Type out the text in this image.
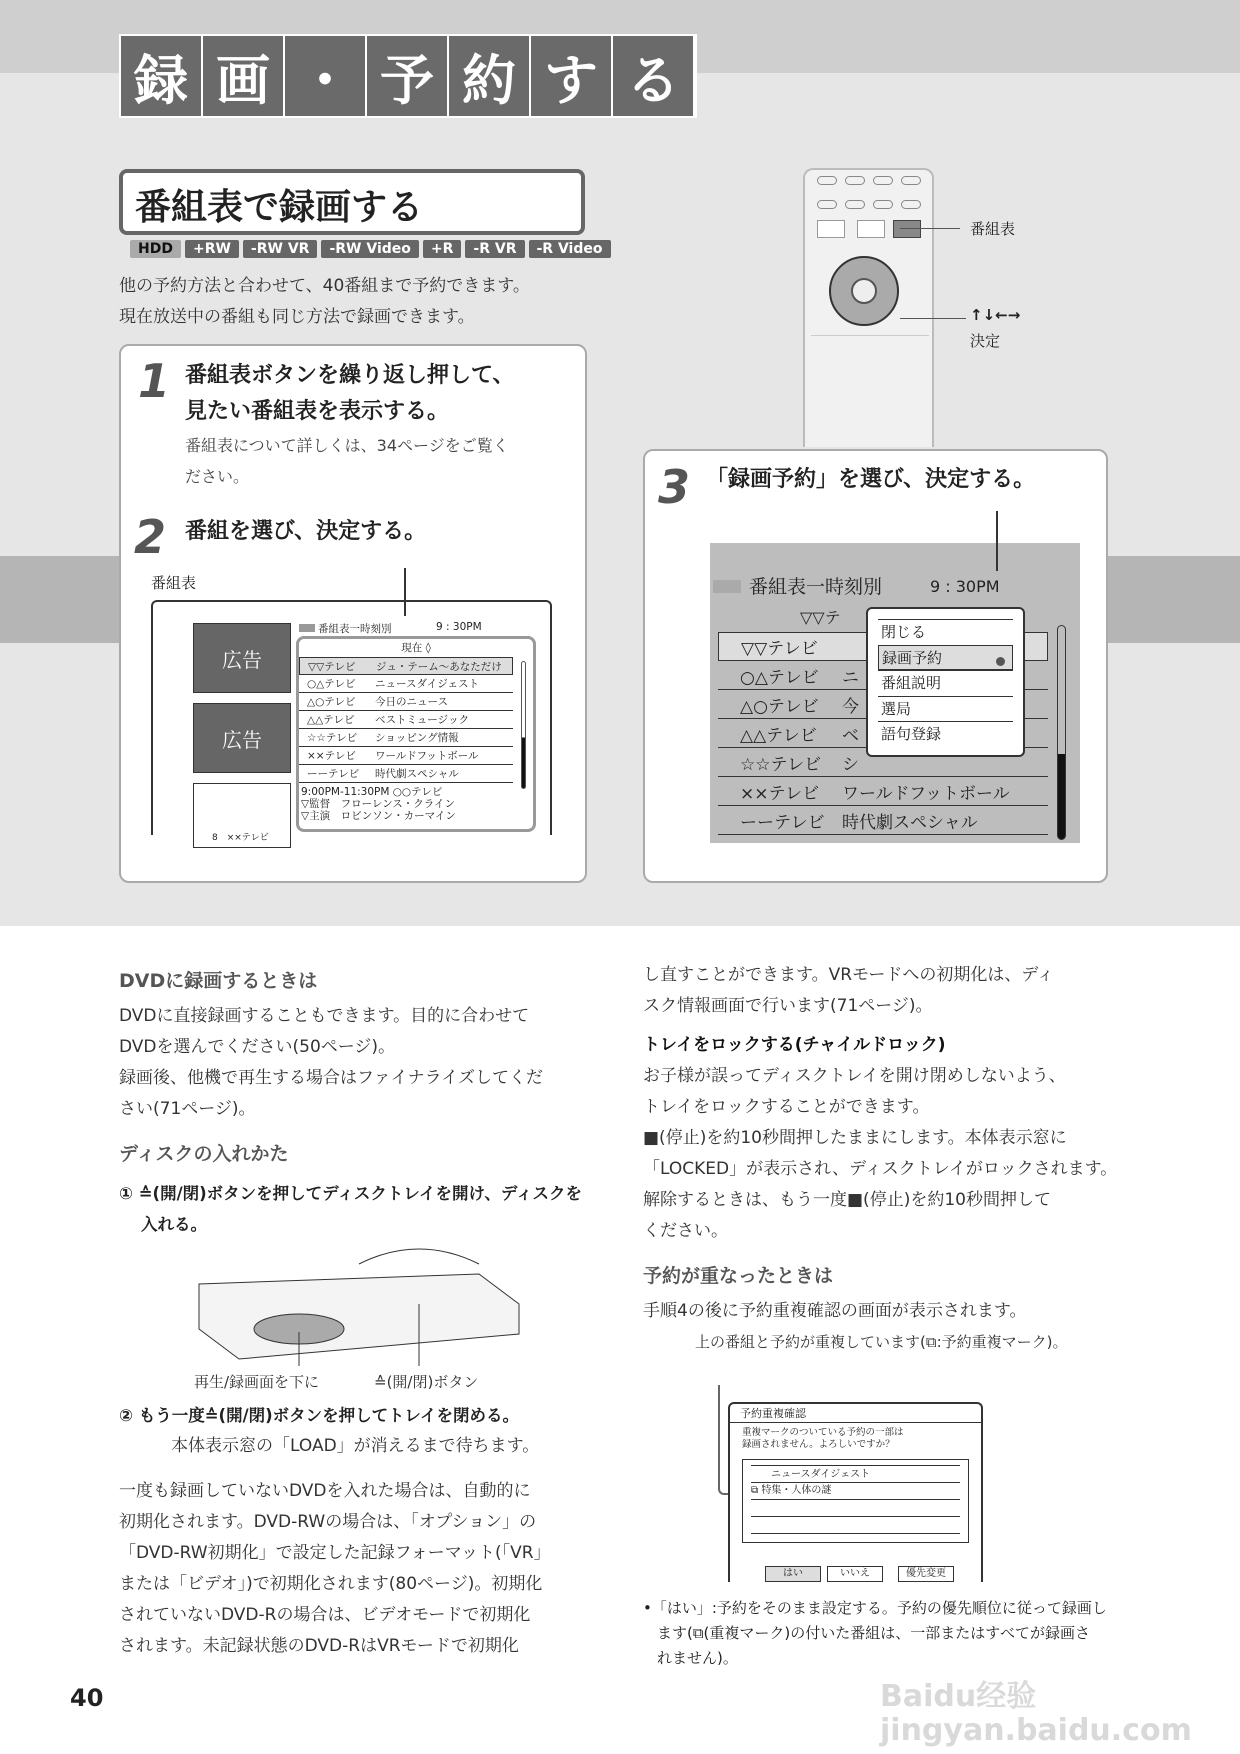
録 画 ・ 予 約 す る
番組表で録画する
HDD	+RW	-RW VR	-RW Video	+R	-R VR	-R Video
他の予約方法と合わせて、40番組まで予約できます。
現在放送中の番組も同じ方法で録画できます。
番組表
↑↓←→
決定
1 番組表ボタンを繰り返し押して、
見たい番組表を表示する。
番組表について詳しくは、34ページをご覧く
ださい。
2 番組を選び、決定する。
番組表
広告
広告
8　××テレビ
番組表一時刻別	9 : 30PM
現在 ◊
▽▽テレビ	ジュ・テーム〜あなただけ
○△テレビ	ニュースダイジェスト
△○テレビ	今日のニュース
△△テレビ	ベストミュージック
☆☆テレビ	ショッピング情報
××テレビ	ワールドフットボール
ーーテレビ	時代劇スペシャル
9:00PM-11:30PM ○○テレビ
▽監督　フローレンス・クライン
▽主演　ロビンソン・カーマイン
3 「録画予約」を選び、決定する。
番組表一時刻別	9 : 30PM
▽▽テ
▽▽テレビ
○△テレビ	ニ
△○テレビ	今
△△テレビ	ベ
☆☆テレビ	シ
××テレビ	ワールドフットボール
ーーテレビ	時代劇スペシャル
閉じる
録画予約
番組説明
選局
語句登録
DVDに録画するときは

DVDに直接録画することもできます。目的に合わせて

DVDを選んでください(50ページ)。

録画後、他機で再生する場合はファイナライズしてくだ

さい(71ページ)。

ディスクの入れかた

① ≙(開/閉)ボタンを押してディスクトレイを開け、ディスクを入れる。

再生/録画面を下に	≙(開/閉)ボタン

② もう一度≙(開/閉)ボタンを押してトレイを閉める。

本体表示窓の「LOAD」が消えるまで待ちます。

一度も録画していないDVDを入れた場合は、自動的に

初期化されます。DVD-RWの場合は、「オプション」の

「DVD-RW初期化」で設定した記録フォーマット(「VR」

または「ビデオ」)で初期化されます(80ページ)。初期化

されていないDVD-Rの場合は、ビデオモードで初期化

されます。未記録状態のDVD-RはVRモードで初期化

し直すことができます。VRモードへの初期化は、ディ

スク情報画面で行います(71ページ)。

トレイをロックする(チャイルドロック)

お子様が誤ってディスクトレイを開け閉めしないよう、

トレイをロックすることができます。

■(停止)を約10秒間押したままにします。本体表示窓に

「LOCKED」が表示され、ディスクトレイがロックされます。

解除するときは、もう一度■(停止)を約10秒間押して

ください。

予約が重なったときは

手順4の後に予約重複確認の画面が表示されます。

上の番組と予約が重複しています(⧉:予約重複マーク)。

予約重複確認
重複マークのついている予約の一部は
録画されません。よろしいですか？
ニュースダイジェスト
⧉ 特集・人体の謎
はい	いいえ	優先変更

•「はい」:予約をそのまま設定する。予約の優先順位に従って録画し

ます(⧉(重複マーク)の付いた番組は、一部またはすべてが録画さ

れません)。

40	Baidu经验 jingyan.baidu.com
